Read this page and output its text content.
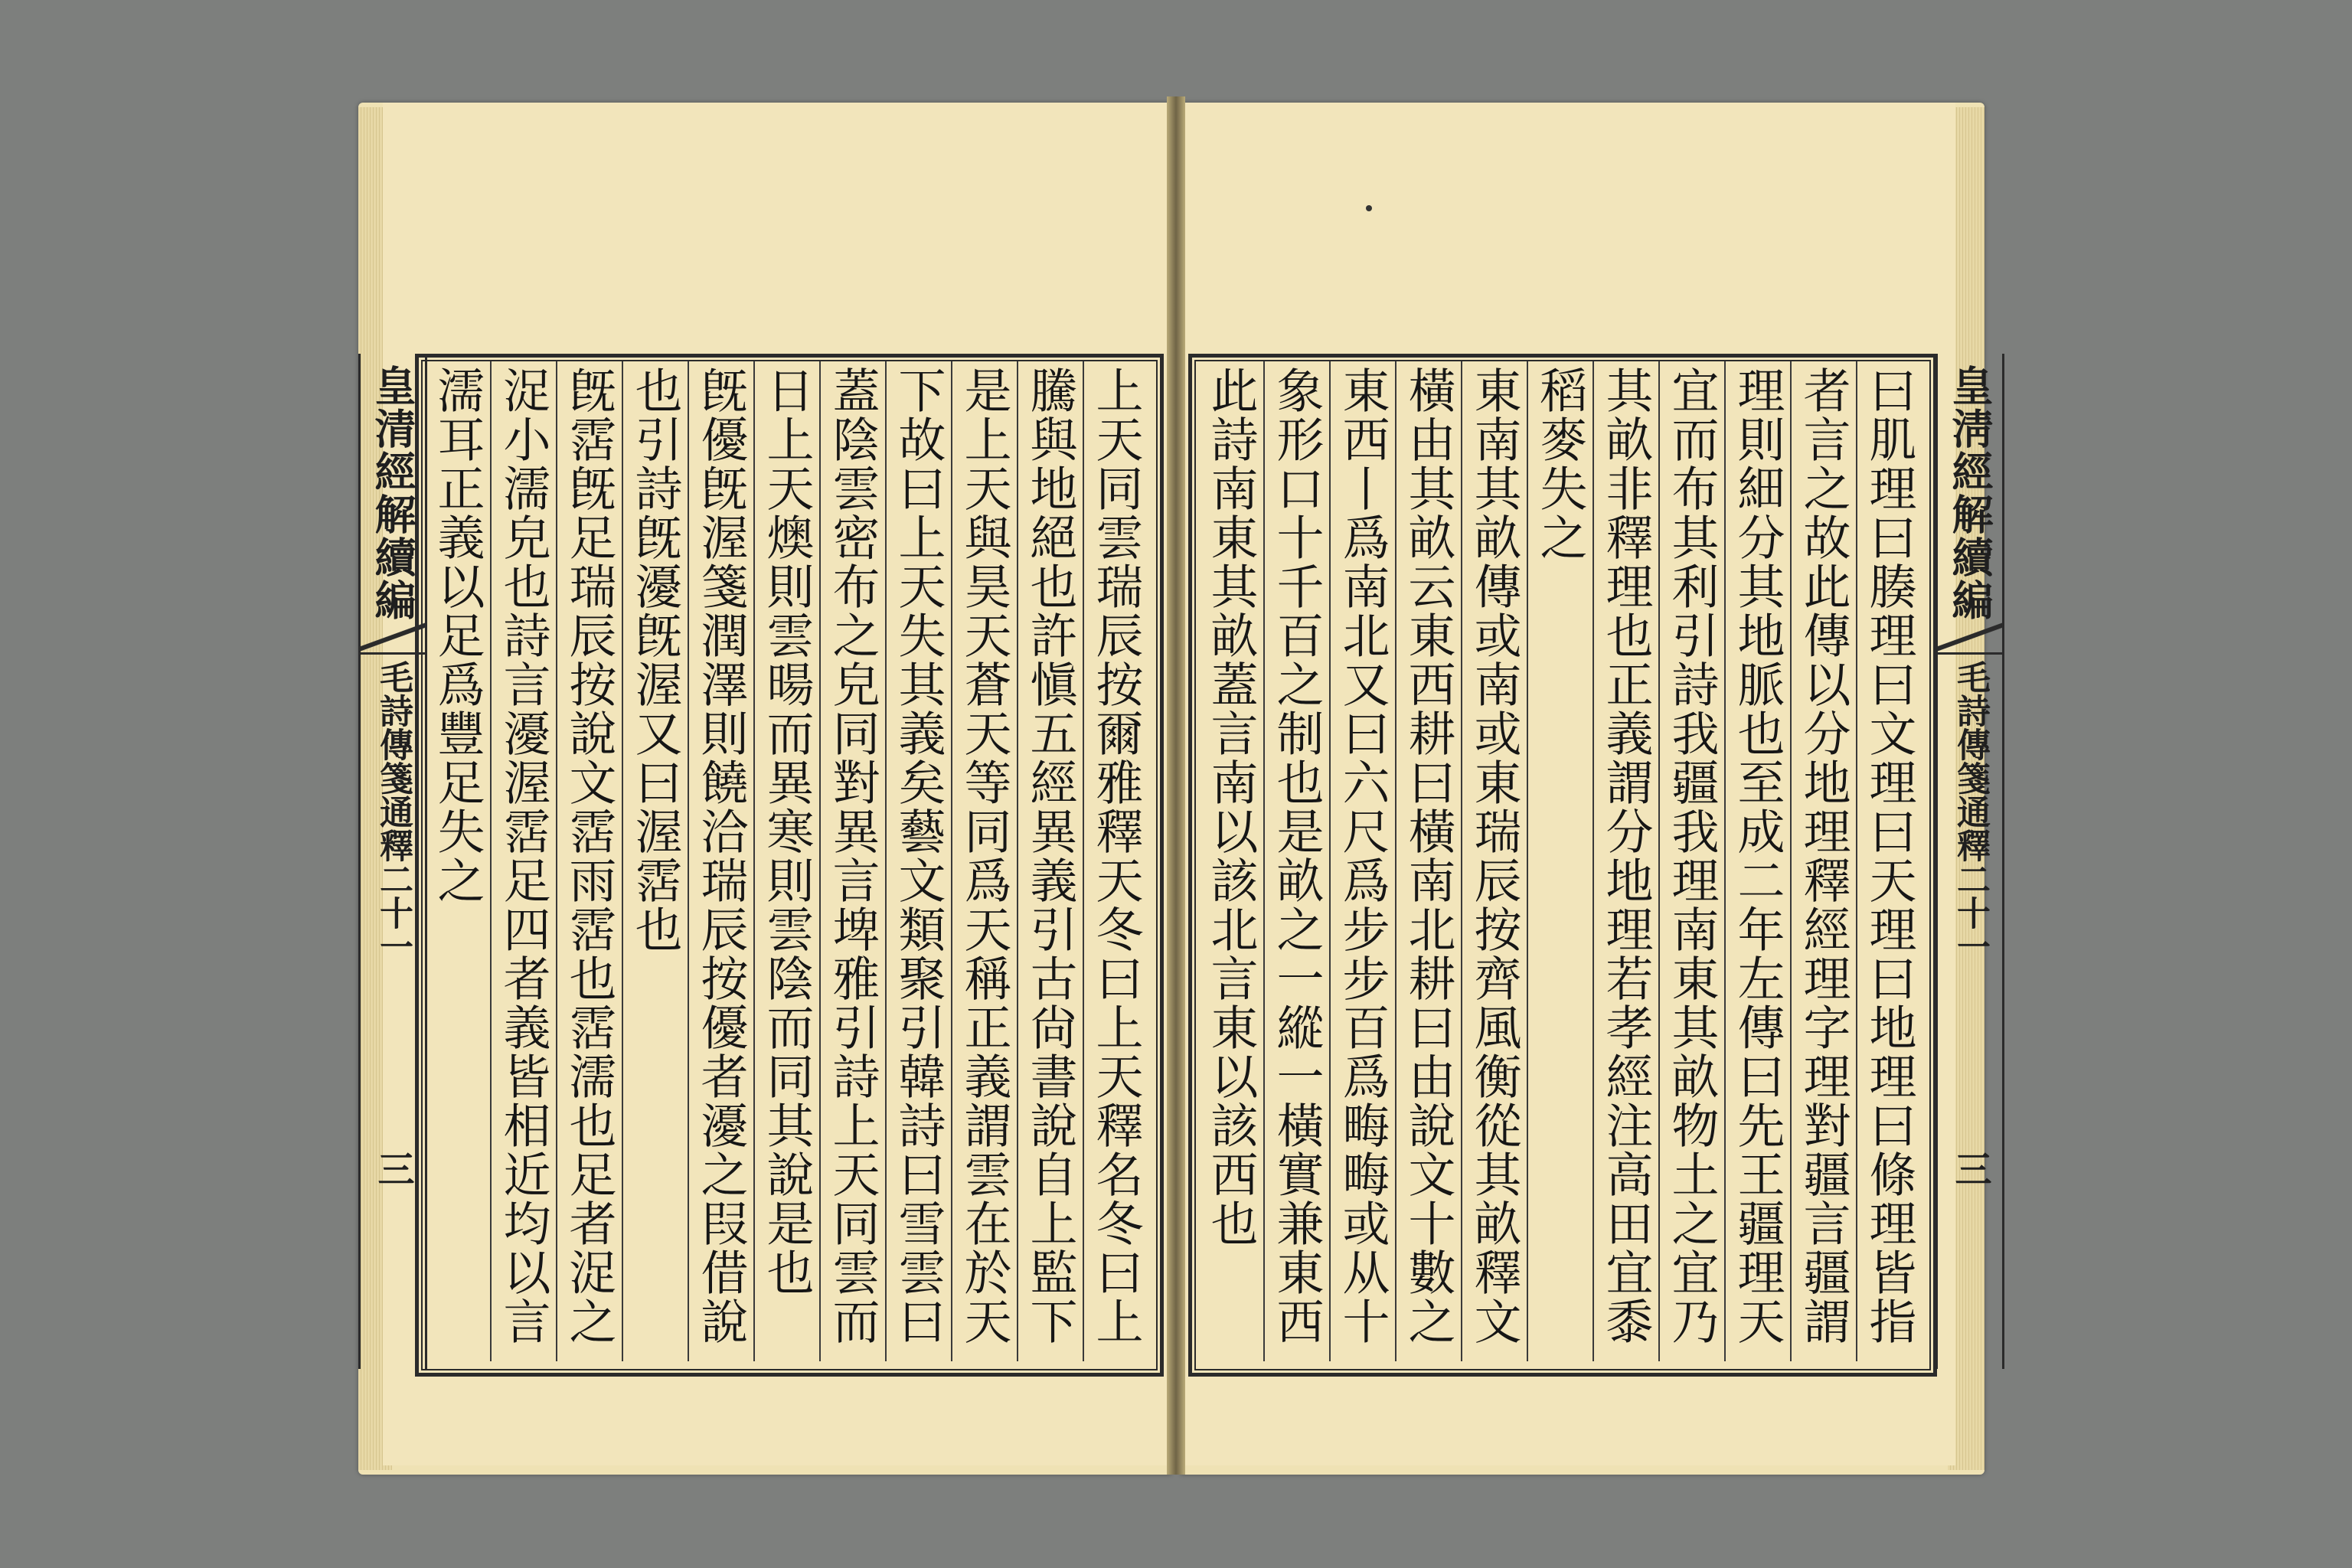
皇清經解續編
毛詩傳箋通釋二十一
三
上天同雲瑞辰按爾雅釋天冬曰上天釋名冬曰上
騰與地絕也許愼五經異義引古尙書說自上監下
是上天與昊天蒼天等同爲天稱正義謂雲在於天
下故曰上天失其義矣藝文類聚引韓詩曰雪雲曰
蓋陰雲密布之皃同對異言埤雅引詩上天同雲而
日上天燠則雲暘而異寒則雲陰而同其說是也
旣優旣渥箋潤澤則饒洽瑞辰按優者瀀之叚借說
也引詩旣瀀旣渥又曰渥霑也
旣霑旣足瑞辰按說文霑雨霑也霑濡也足者浞之
浞小濡皃也詩言瀀渥霑足四者義皆相近均以言
濡耳正義以足爲豐足失之	皇淸經解續編
毛詩傳箋通釋二十一
三
曰肌理曰腠理曰文理曰天理曰地理曰條理皆指
者言之故此傳以分地理釋經理字理對疆言疆謂
理則細分其地脈也至成二年左傳曰先王疆理天
宜而布其利引詩我疆我理南東其畝物土之宜乃
其畝非釋理也正義謂分地理若孝經注高田宜黍
稻麥失之
東南其畝傳或南或東瑞辰按齊風衡從其畝釋文
橫由其畝云東西耕曰橫南北耕曰由說文十數之
東西丨爲南北又曰六尺爲步步百爲畮畮或从十
象形口十千百之制也是畝之一縱一橫實兼東西
此詩南東其畝蓋言南以該北言東以該西也
